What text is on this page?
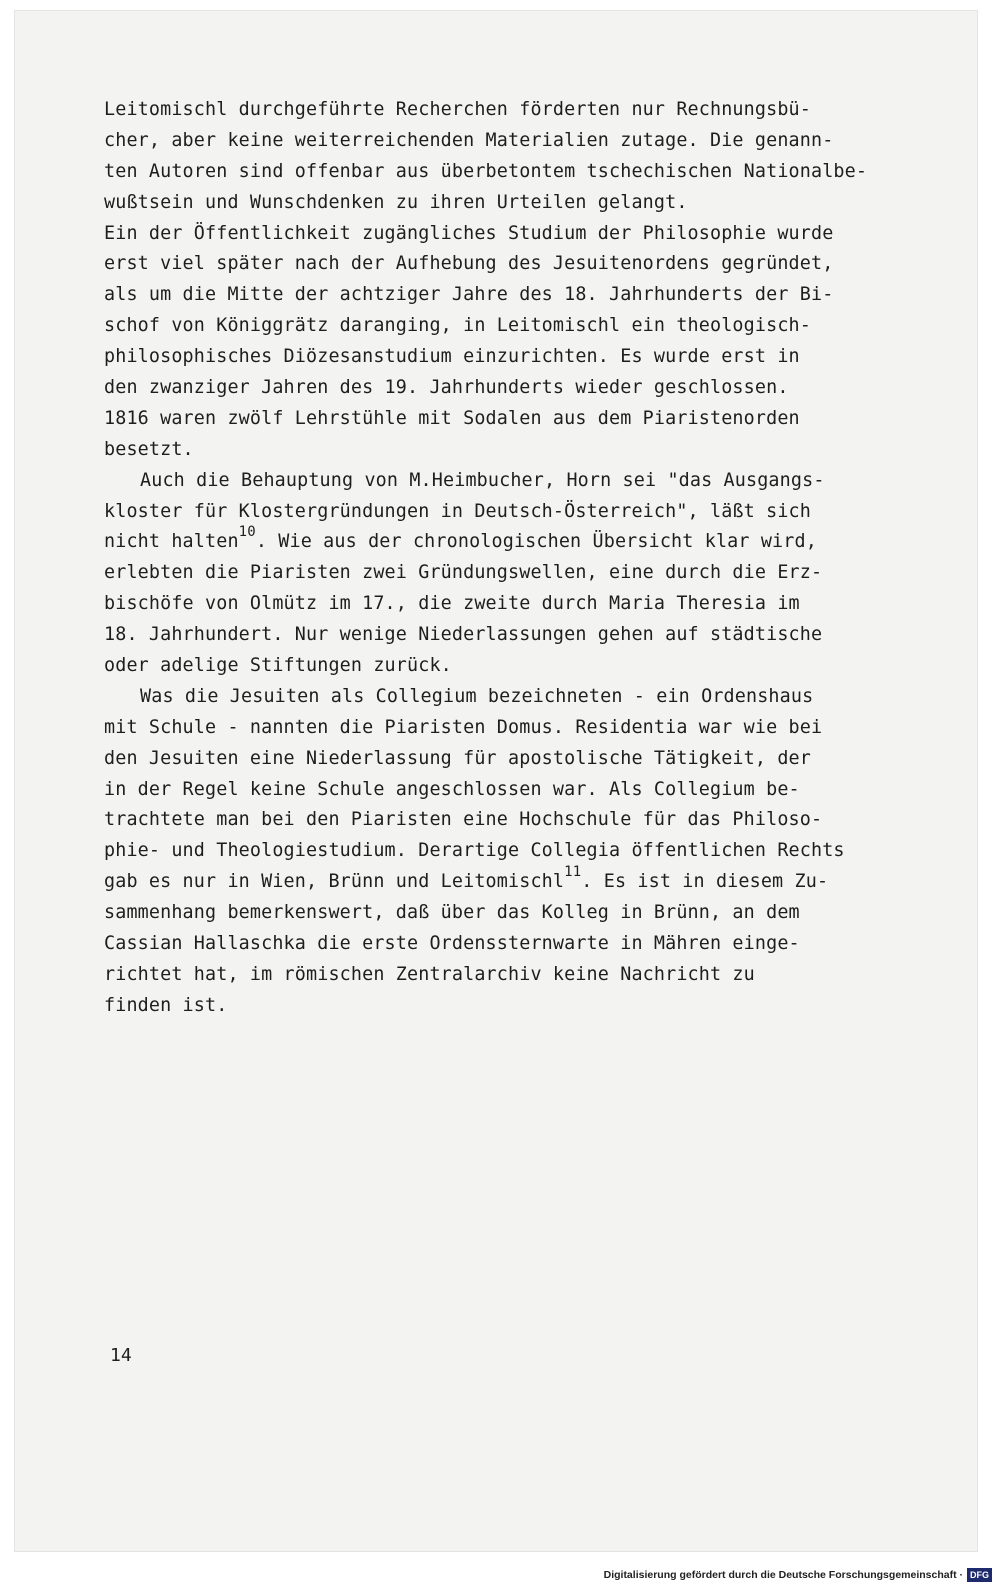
Leitomischl durchgeführte Recherchen förderten nur Rechnungsbü-
cher, aber keine weiterreichenden Materialien zutage. Die genann-
ten Autoren sind offenbar aus überbetontem tschechischen Nationalbe-
wußtsein und Wunschdenken zu ihren Urteilen gelangt.
Ein der Öffentlichkeit zugängliches Studium der Philosophie wurde
erst viel später nach der Aufhebung des Jesuitenordens gegründet,
als um die Mitte der achtziger Jahre des 18. Jahrhunderts der Bi-
schof von Königgrätz daranging, in Leitomischl ein theologisch-
philosophisches Diözesanstudium einzurichten. Es wurde erst in
den zwanziger Jahren des 19. Jahrhunderts wieder geschlossen.
1816 waren zwölf Lehrstühle mit Sodalen aus dem Piaristenorden
besetzt.
Auch die Behauptung von M.Heimbucher, Horn sei "das Ausgangs-
kloster für Klostergründungen in Deutsch-Österreich", läßt sich
nicht halten$^{10}$. Wie aus der chronologischen Übersicht klar wird,
erlebten die Piaristen zwei Gründungswellen, eine durch die Erz-
bischöfe von Olmütz im 17., die zweite durch Maria Theresia im
18. Jahrhundert. Nur wenige Niederlassungen gehen auf städtische
oder adelige Stiftungen zurück.
Was die Jesuiten als Collegium bezeichneten - ein Ordenshaus
mit Schule - nannten die Piaristen Domus. Residentia war wie bei
den Jesuiten eine Niederlassung für apostolische Tätigkeit, der
in der Regel keine Schule angeschlossen war. Als Collegium be-
trachtete man bei den Piaristen eine Hochschule für das Philoso-
phie- und Theologiestudium. Derartige Collegia öffentlichen Rechts
gab es nur in Wien, Brünn und Leitomischl$^{11}$. Es ist in diesem Zu-
sammenhang bemerkenswert, daß über das Kolleg in Brünn, an dem
Cassian Hallaschka die erste Ordenssternwarte in Mähren einge-
richtet hat, im römischen Zentralarchiv keine Nachricht zu
finden ist.
14
Digitalisierung gefördert durch die Deutsche Forschungsgemeinschaft · DFG
